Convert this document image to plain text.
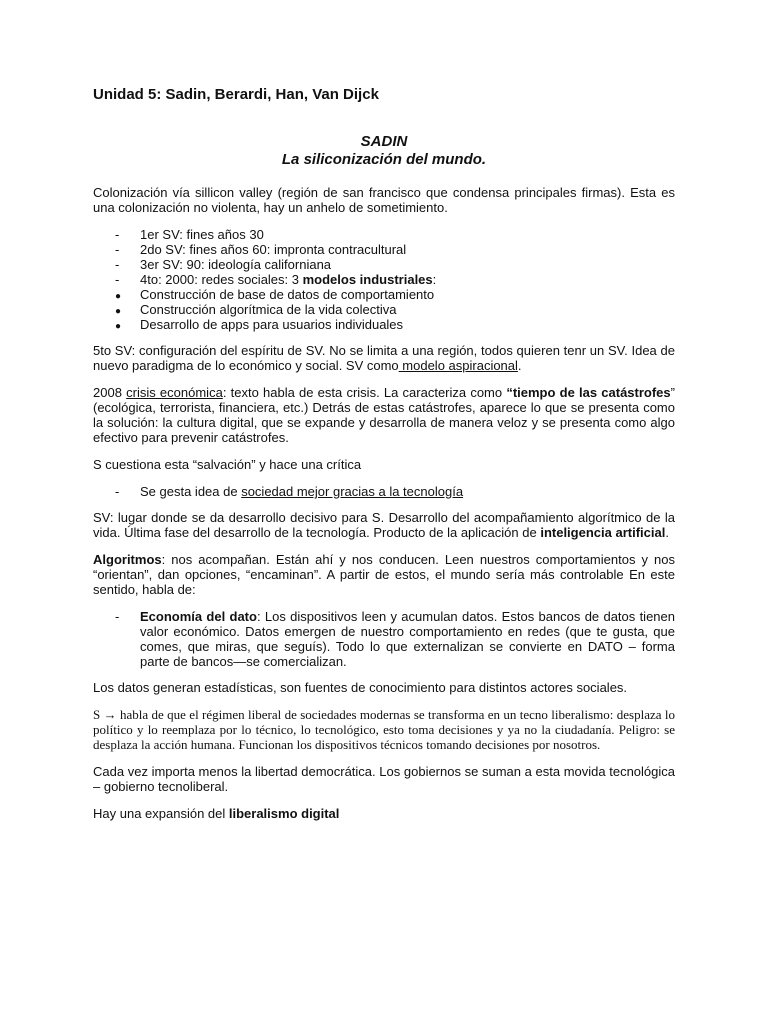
Unidad 5: Sadin, Berardi, Han, Van Dijck
SADIN
La siliconización del mundo.

Colonización vía sillicon valley (región de san francisco que condensa principales firmas). Esta es una colonización no violenta, hay un anhelo de sometimiento.

-
1er SV: fines años 30
-
2do SV: fines años 60: impronta contracultural
-
3er SV: 90: ideología californiana
-
4to: 2000: redes sociales: 3 modelos industriales:
●
Construcción de base de datos de comportamiento
●
Construcción algorítmica de la vida colectiva
●
Desarrollo de apps para usuarios individuales

5to SV: configuración del espíritu de SV. No se limita a una región, todos quieren tenr un SV. Idea de nuevo paradigma de lo económico y social. SV como modelo aspiracional.

2008 crisis económica: texto habla de esta crisis. La caracteriza como “tiempo de las catástrofes” (ecológica, terrorista, financiera, etc.) Detrás de estas catástrofes, aparece lo que se presenta como la solución: la cultura digital, que se expande y desarrolla de manera veloz y se presenta como algo efectivo para prevenir catástrofes.

S cuestiona esta “salvación” y hace una crítica

-
Se gesta idea de sociedad mejor gracias a la tecnología

SV: lugar donde se da desarrollo decisivo para S. Desarrollo del acompañamiento algorítmico de la vida. Última fase del desarrollo de la tecnología. Producto de la aplicación de inteligencia artificial.

Algoritmos: nos acompañan. Están ahí y nos conducen. Leen nuestros comportamientos y nos “orientan”, dan opciones, “encaminan”. A partir de estos, el mundo sería más controlable En este sentido, habla de:

-
Economía del dato: Los dispositivos leen y acumulan datos. Estos bancos de datos tienen valor económico. Datos emergen de nuestro comportamiento en redes (que te gusta, que comes, que miras, que seguís). Todo lo que externalizan se convierte en DATO – forma parte de bancos—se comercializan.

Los datos generan estadísticas, son fuentes de conocimiento para distintos actores sociales.

S → habla de que el régimen liberal de sociedades modernas se transforma en un tecno liberalismo: desplaza lo político y lo reemplaza por lo técnico, lo tecnológico, esto toma decisiones y ya no la ciudadanía. Peligro: se desplaza la acción humana. Funcionan los dispositivos técnicos tomando decisiones por nosotros.

Cada vez importa menos la libertad democrática. Los gobiernos se suman a esta movida tecnológica – gobierno tecnoliberal.

Hay una expansión del liberalismo digital
